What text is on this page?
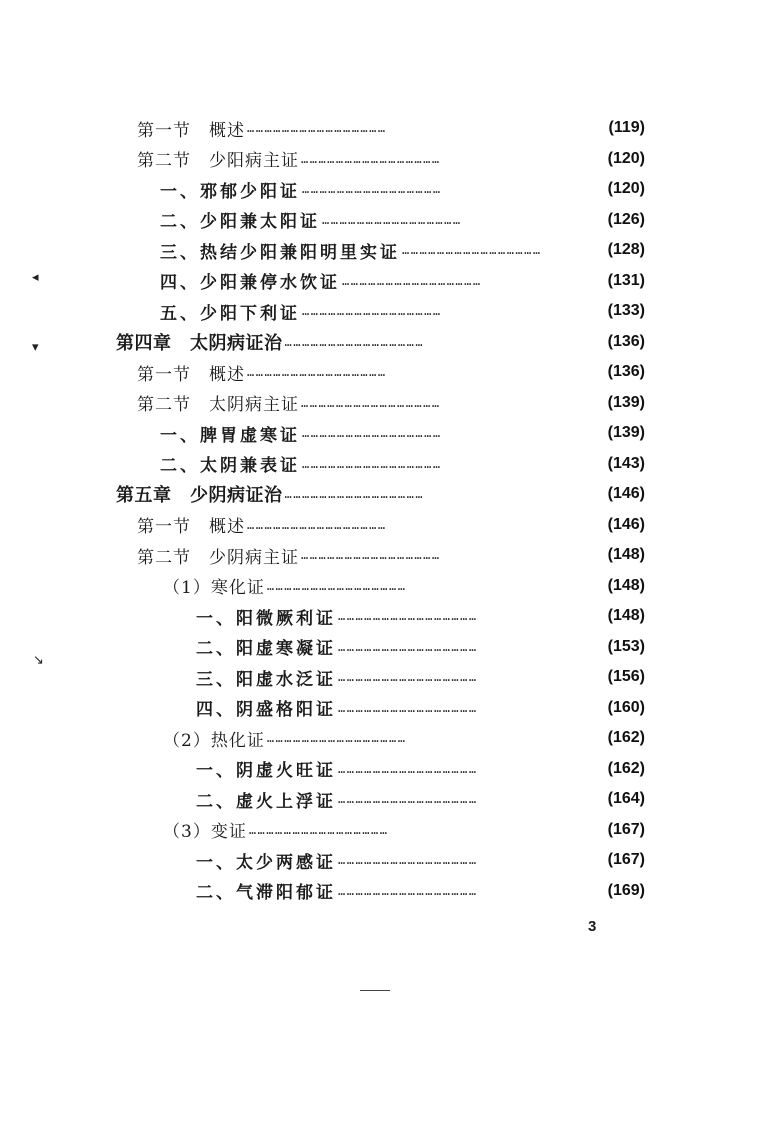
第一节　概述 …………………………………………	(119)
第二节　少阳病主证 …………………………………………	(120)
一、邪郁少阳证 …………………………………………	(120)
二、少阳兼太阳证 …………………………………………	(126)
三、热结少阳兼阳明里实证 …………………………………………	(128)
四、少阳兼停水饮证 …………………………………………	(131)
五、少阳下利证 …………………………………………	(133)
第四章　太阴病证治 …………………………………………	(136)
第一节　概述 …………………………………………	(136)
第二节　太阴病主证 …………………………………………	(139)
一、脾胃虚寒证 …………………………………………	(139)
二、太阴兼表证 …………………………………………	(143)
第五章　少阴病证治 …………………………………………	(146)
第一节　概述 …………………………………………	(146)
第二节　少阴病主证 …………………………………………	(148)
（1）寒化证 …………………………………………	(148)
一、阳微厥利证 …………………………………………	(148)
二、阳虚寒凝证 …………………………………………	(153)
三、阳虚水泛证 …………………………………………	(156)
四、阴盛格阳证 …………………………………………	(160)
（2）热化证 …………………………………………	(162)
一、阴虚火旺证 …………………………………………	(162)
二、虚火上浮证 …………………………………………	(164)
（3）变证 …………………………………………	(167)
一、太少两感证 …………………………………………	(167)
二、气滞阳郁证 …………………………………………	(169)
◂
▾
↘
3
